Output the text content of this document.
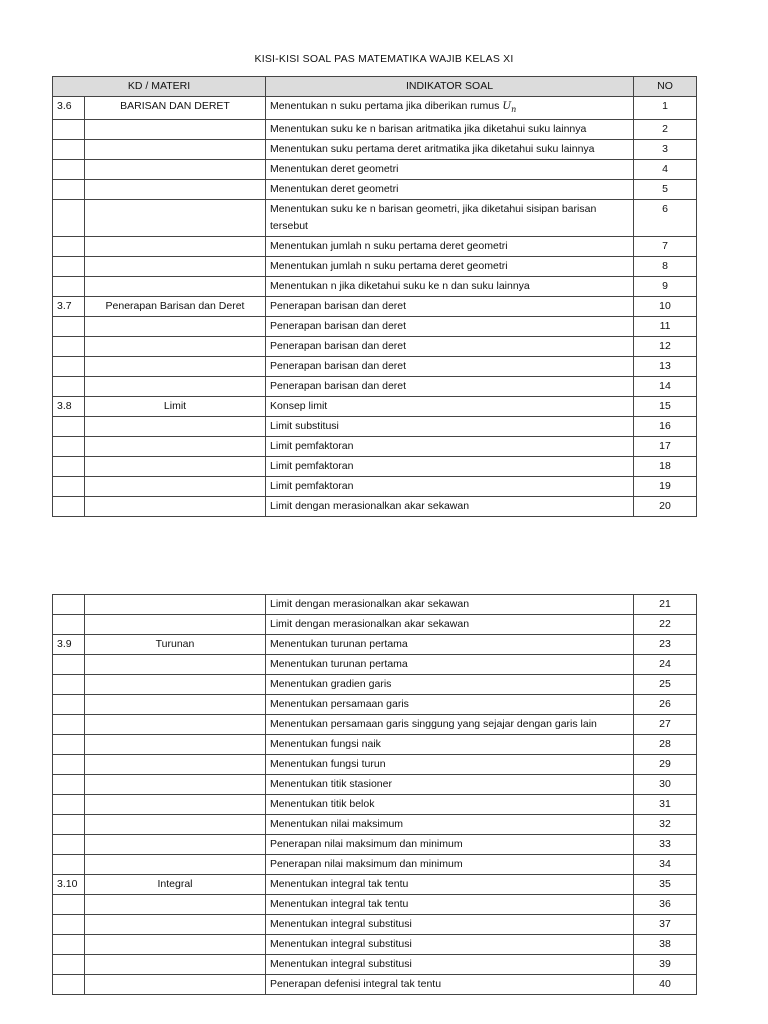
KISI-KISI SOAL PAS MATEMATIKA WAJIB KELAS XI
KD / MATERI		INDIKATOR SOAL	NO
3.6	BARISAN DAN DERET	Menentukan n suku pertama jika diberikan rumus $U_n$	1
		Menentukan suku ke n barisan aritmatika jika diketahui suku lainnya	2
		Menentukan suku pertama deret aritmatika jika diketahui suku lainnya	3
		Menentukan deret geometri	4
		Menentukan deret geometri	5
		Menentukan suku ke n barisan geometri, jika diketahui sisipan barisan tersebut	6
		Menentukan jumlah n suku pertama deret geometri	7
		Menentukan jumlah n suku pertama deret geometri	8
		Menentukan n jika diketahui suku ke n dan suku lainnya	9
3.7	Penerapan Barisan dan Deret	Penerapan barisan dan deret	10
		Penerapan barisan dan deret	11
		Penerapan barisan dan deret	12
		Penerapan barisan dan deret	13
		Penerapan barisan dan deret	14
3.8	Limit	Konsep limit	15
		Limit substitusi	16
		Limit pemfaktoran	17
		Limit pemfaktoran	18
		Limit pemfaktoran	19
		Limit dengan merasionalkan akar sekawan	20
		Limit dengan merasionalkan akar sekawan	21
		Limit dengan merasionalkan akar sekawan	22
3.9	Turunan	Menentukan turunan pertama	23
		Menentukan turunan pertama	24
		Menentukan gradien garis	25
		Menentukan persamaan garis	26
		Menentukan persamaan garis singgung yang sejajar dengan garis lain	27
		Menentukan fungsi naik	28
		Menentukan fungsi turun	29
		Menentukan titik stasioner	30
		Menentukan titik belok	31
		Menentukan nilai maksimum	32
		Penerapan nilai maksimum dan minimum	33
		Penerapan nilai maksimum dan minimum	34
3.10	Integral	Menentukan integral tak tentu	35
		Menentukan integral tak tentu	36
		Menentukan integral substitusi	37
		Menentukan integral substitusi	38
		Menentukan integral substitusi	39
		Penerapan defenisi integral tak tentu	40
